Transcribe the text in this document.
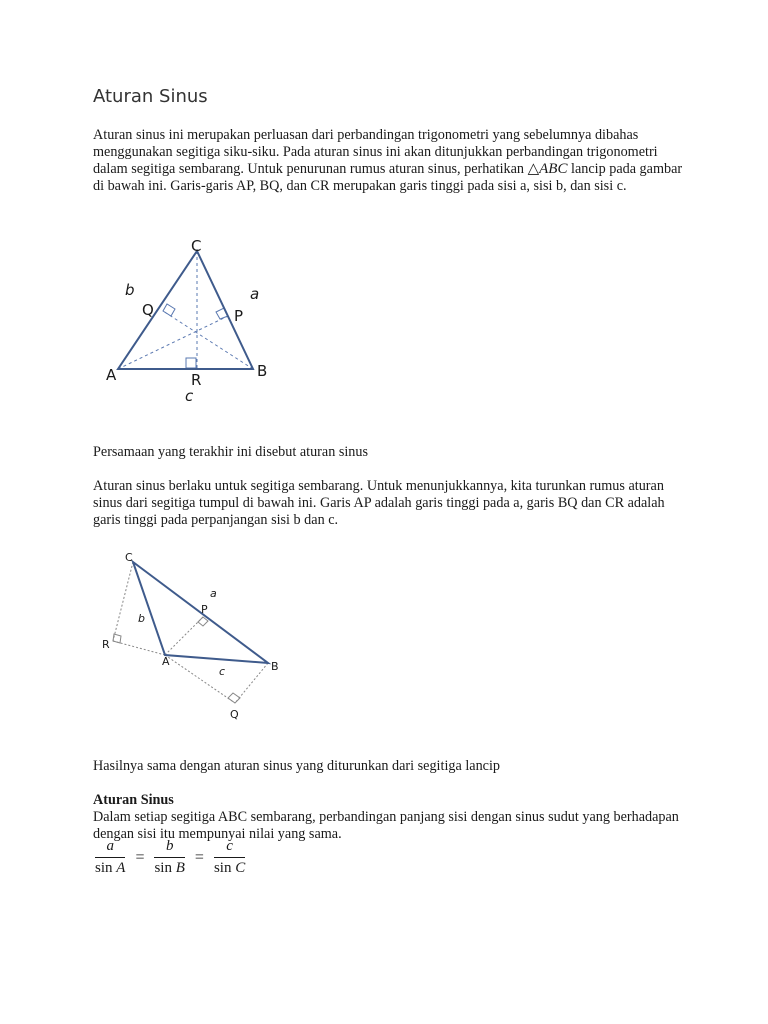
Aturan Sinus

Aturan sinus ini merupakan perluasan dari perbandingan trigonometri yang sebelumnya dibahas menggunakan segitiga siku-siku. Pada aturan sinus ini akan ditunjukkan perbandingan trigonometri dalam segitiga sembarang. Untuk penurunan rumus aturan sinus, perhatikan △ABC lancip pada gambar di bawah ini. Garis-garis AP, BQ, dan CR merupakan garis tinggi pada sisi a, sisi b, dan sisi c.

C
A	B
Q	P
R
b	a
c

Persamaan yang terakhir ini disebut aturan sinus

Aturan sinus berlaku untuk segitiga sembarang. Untuk menunjukkannya, kita turunkan rumus aturan sinus dari segitiga tumpul di bawah ini. Garis AP adalah garis tinggi pada a, garis BQ dan CR adalah garis tinggi pada perpanjangan sisi b dan c.

C
A	B
P
Q
R
a
b
c

Hasilnya sama dengan aturan sinus yang diturunkan dari segitiga lancip

Aturan Sinus

Dalam setiap segitiga ABC sembarang, perbandingan panjang sisi dengan sinus sudut yang berhadapan dengan sisi itu mempunyai nilai yang sama.

$\frac{a}{\text{sin A}} = \frac{b}{\text{sin B}} = \frac{c}{\text{sin C}}$
